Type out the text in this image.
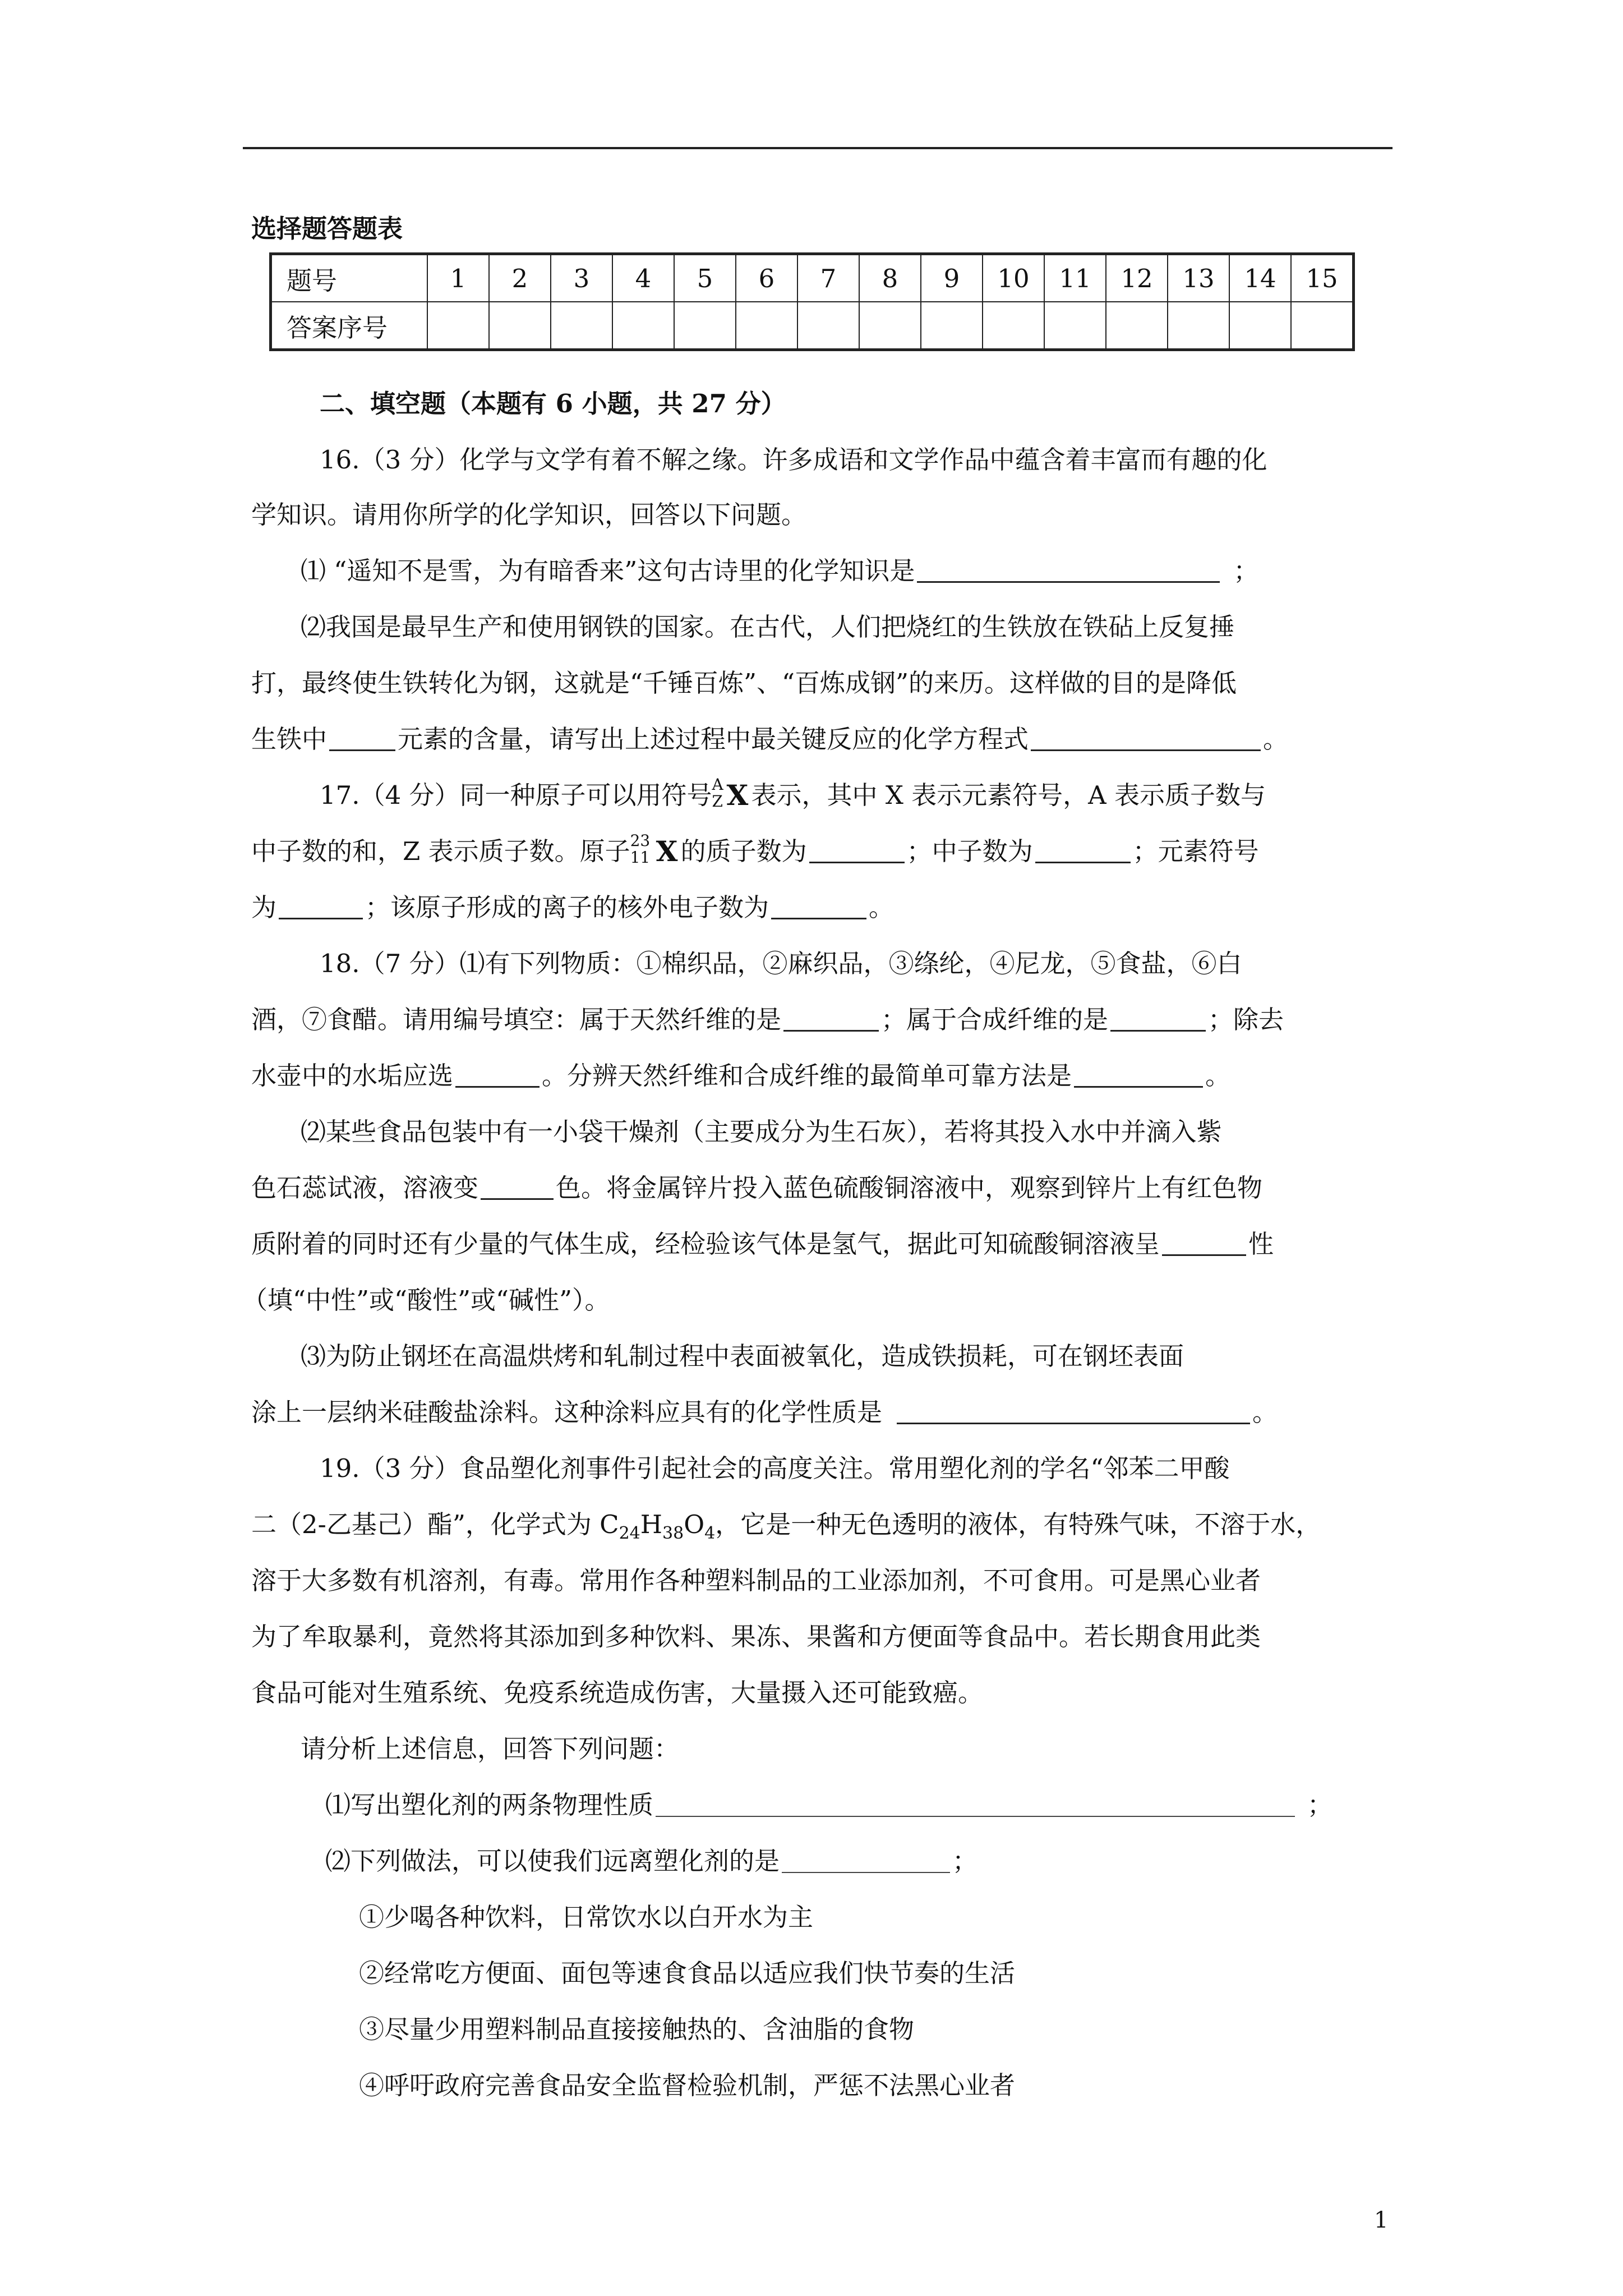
选择题答题表
题号	1	2	3	4	5	6	7	8	9	10	11	12	13	14	15
答案序号															
二、填空题（本题有 6 小题，共 27 分）
16.（3 分）化学与文学有着不解之缘。许多成语和文学作品中蕴含着丰富而有趣的化
学知识。请用你所学的化学知识，回答以下问题。
⑴ “遥知不是雪，为有暗香来”这句古诗里的化学知识是	；
⑵我国是最早生产和使用钢铁的国家。在古代，人们把烧红的生铁放在铁砧上反复捶
打，最终使生铁转化为钢，这就是“千锤百炼”、“百炼成钢”的来历。这样做的目的是降低
生铁中	元素的含量，请写出上述过程中最关键反应的化学方程式	。
17.（4 分）同一种原子可以用符号 A
Z X 表示，其中 X 表示元素符号，A 表示质子数与
中子数的和，Z 表示质子数。原子 23
11 X 的质子数为	；中子数为	；元素符号
为	；该原子形成的离子的核外电子数为	。
18.（7 分）⑴有下列物质：①棉织品，②麻织品，③绦纶，④尼龙，⑤食盐，⑥白
酒，⑦食醋。请用编号填空：属于天然纤维的是	；属于合成纤维的是	；除去
水壶中的水垢应选	。分辨天然纤维和合成纤维的最简单可靠方法是	。
⑵某些食品包装中有一小袋干燥剂（主要成分为生石灰），若将其投入水中并滴入紫
色石蕊试液，溶液变	色。将金属锌片投入蓝色硫酸铜溶液中，观察到锌片上有红色物
质附着的同时还有少量的气体生成，经检验该气体是氢气，据此可知硫酸铜溶液呈	性
（填“中性”或“酸性”或“碱性”）。
⑶为防止钢坯在高温烘烤和轧制过程中表面被氧化，造成铁损耗，可在钢坯表面
涂上一层纳米硅酸盐涂料。这种涂料应具有的化学性质是	。
19.（3 分）食品塑化剂事件引起社会的高度关注。常用塑化剂的学名“邻苯二甲酸
二（2-乙基己）酯”，化学式为 $C_{24}H_{38}O_4$，它是一种无色透明的液体，有特殊气味，不溶于水，
溶于大多数有机溶剂，有毒。常用作各种塑料制品的工业添加剂，不可食用。可是黑心业者
为了牟取暴利，竟然将其添加到多种饮料、果冻、果酱和方便面等食品中。若长期食用此类
食品可能对生殖系统、免疫系统造成伤害，大量摄入还可能致癌。
请分析上述信息，回答下列问题：
⑴写出塑化剂的两条物理性质	；
⑵下列做法，可以使我们远离塑化剂的是	；
①少喝各种饮料，日常饮水以白开水为主
②经常吃方便面、面包等速食食品以适应我们快节奏的生活
③尽量少用塑料制品直接接触热的、含油脂的食物
④呼吁政府完善食品安全监督检验机制，严惩不法黑心业者
1
